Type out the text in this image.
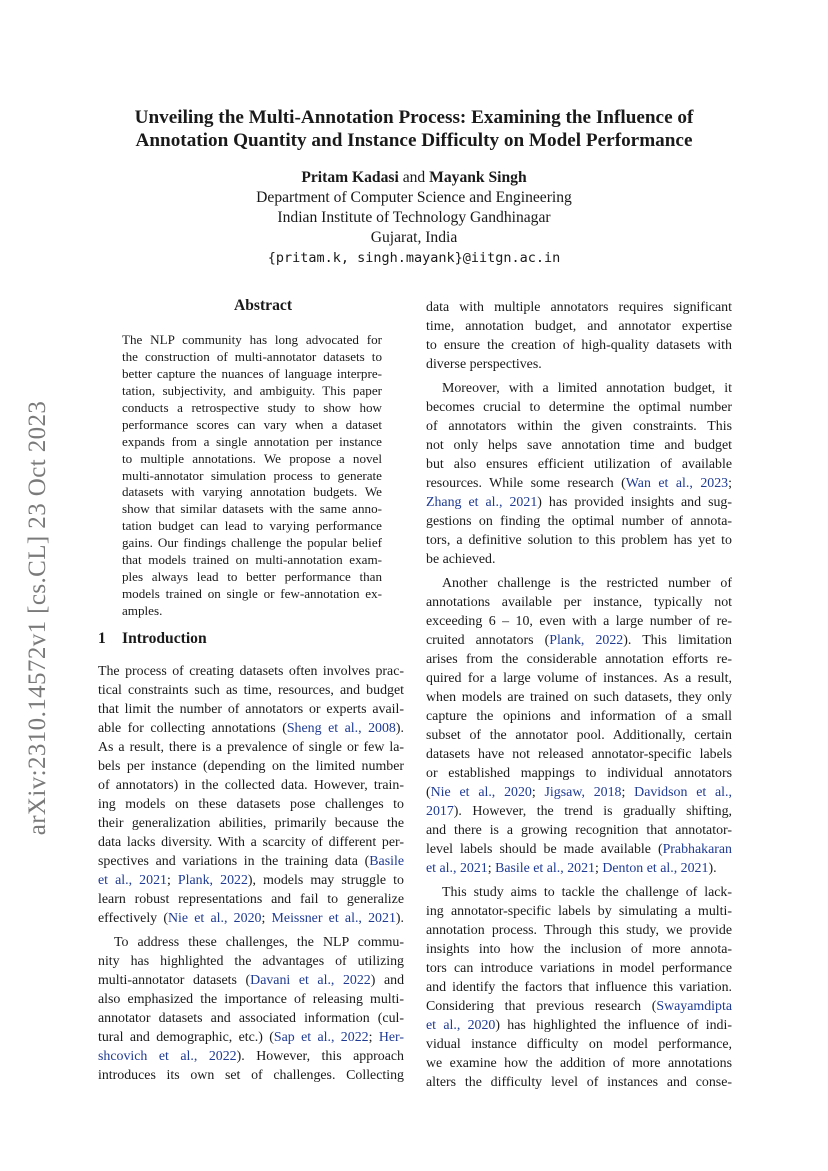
arXiv:2310.14572v1 [cs.CL] 23 Oct 2023
Unveiling the Multi-Annotation Process: Examining the Influence of
Annotation Quantity and Instance Difficulty on Model Performance
Pritam Kadasi and Mayank Singh
Department of Computer Science and Engineering
Indian Institute of Technology Gandhinagar
Gujarat, India
{pritam.k, singh.mayank}@iitgn.ac.in
Abstract
The NLP community has long advocated for
the construction of multi-annotator datasets to
better capture the nuances of language interpre-
tation, subjectivity, and ambiguity. This paper
conducts a retrospective study to show how
performance scores can vary when a dataset
expands from a single annotation per instance
to multiple annotations. We propose a novel
multi-annotator simulation process to generate
datasets with varying annotation budgets. We
show that similar datasets with the same anno-
tation budget can lead to varying performance
gains. Our findings challenge the popular belief
that models trained on multi-annotation exam-
ples always lead to better performance than
models trained on single or few-annotation ex-
amples.
1 Introduction
The process of creating datasets often involves prac-
tical constraints such as time, resources, and budget
that limit the number of annotators or experts avail-
able for collecting annotations (Sheng et al., 2008).
As a result, there is a prevalence of single or few la-
bels per instance (depending on the limited number
of annotators) in the collected data. However, train-
ing models on these datasets pose challenges to
their generalization abilities, primarily because the
data lacks diversity. With a scarcity of different per-
spectives and variations in the training data (Basile
et al., 2021; Plank, 2022), models may struggle to
learn robust representations and fail to generalize
effectively (Nie et al., 2020; Meissner et al., 2021).
To address these challenges, the NLP commu-
nity has highlighted the advantages of utilizing
multi-annotator datasets (Davani et al., 2022) and
also emphasized the importance of releasing multi-
annotator datasets and associated information (cul-
tural and demographic, etc.) (Sap et al., 2022; Her-
shcovich et al., 2022). However, this approach
introduces its own set of challenges. Collecting
data with multiple annotators requires significant
time, annotation budget, and annotator expertise
to ensure the creation of high-quality datasets with
diverse perspectives.
Moreover, with a limited annotation budget, it
becomes crucial to determine the optimal number
of annotators within the given constraints. This
not only helps save annotation time and budget
but also ensures efficient utilization of available
resources. While some research (Wan et al., 2023;
Zhang et al., 2021) has provided insights and sug-
gestions on finding the optimal number of annota-
tors, a definitive solution to this problem has yet to
be achieved.
Another challenge is the restricted number of
annotations available per instance, typically not
exceeding 6 – 10, even with a large number of re-
cruited annotators (Plank, 2022). This limitation
arises from the considerable annotation efforts re-
quired for a large volume of instances. As a result,
when models are trained on such datasets, they only
capture the opinions and information of a small
subset of the annotator pool. Additionally, certain
datasets have not released annotator-specific labels
or established mappings to individual annotators
(Nie et al., 2020; Jigsaw, 2018; Davidson et al.,
2017). However, the trend is gradually shifting,
and there is a growing recognition that annotator-
level labels should be made available (Prabhakaran
et al., 2021; Basile et al., 2021; Denton et al., 2021).
This study aims to tackle the challenge of lack-
ing annotator-specific labels by simulating a multi-
annotation process. Through this study, we provide
insights into how the inclusion of more annota-
tors can introduce variations in model performance
and identify the factors that influence this variation.
Considering that previous research (Swayamdipta
et al., 2020) has highlighted the influence of indi-
vidual instance difficulty on model performance,
we examine how the addition of more annotations
alters the difficulty level of instances and conse-
